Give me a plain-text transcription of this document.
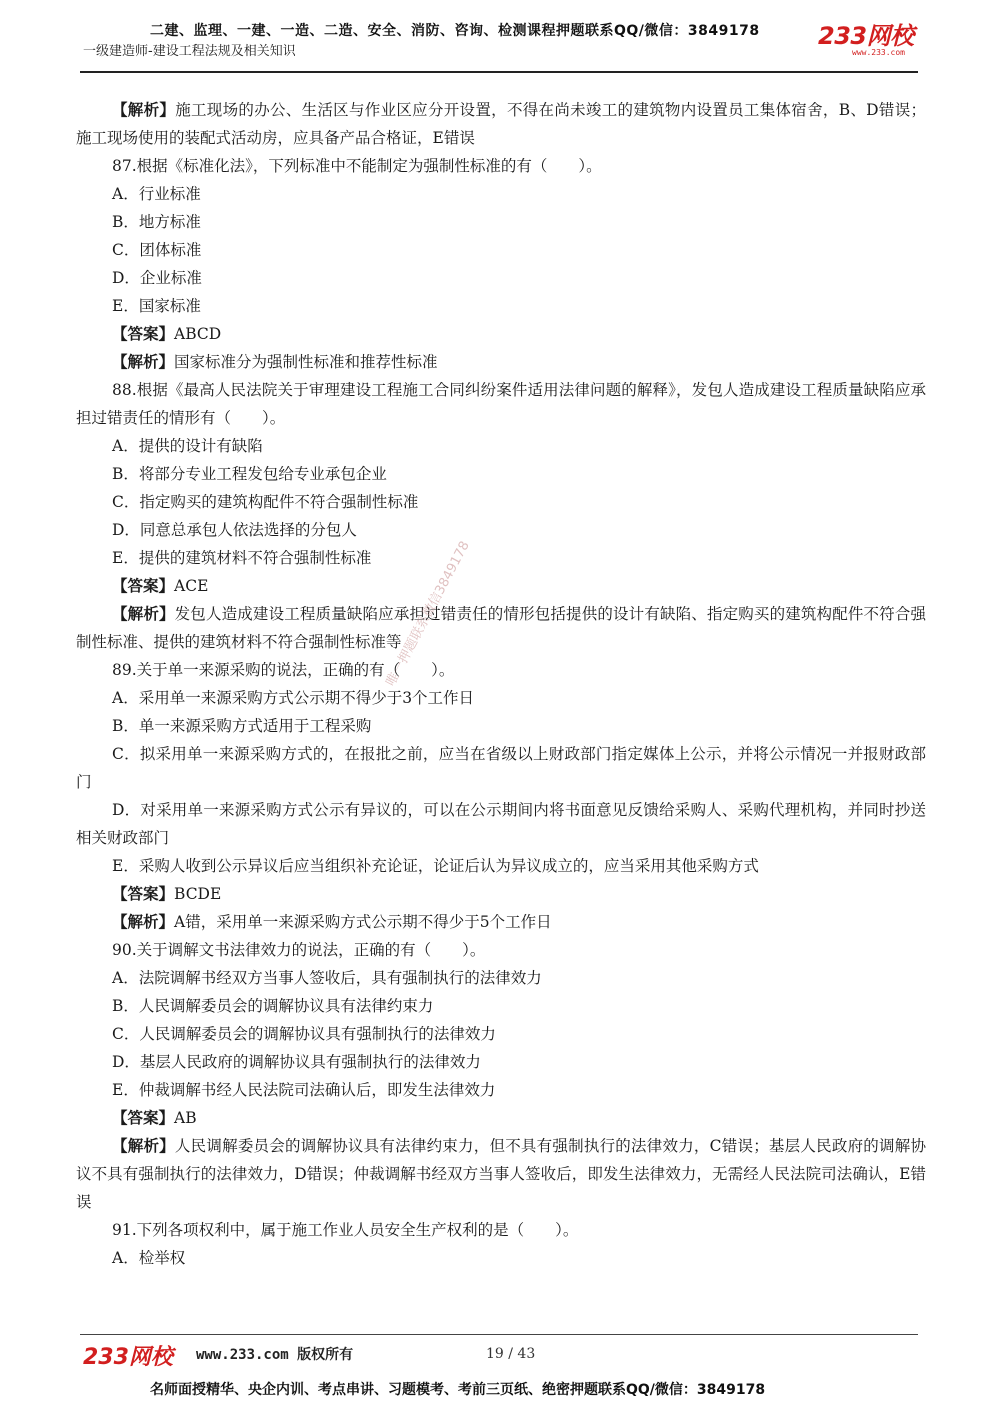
二建、监理、一建、一造、二造、安全、消防、咨询、检测课程押题联系QQ/微信：3849178
一级建造师-建设工程法规及相关知识
233网校
www.233.com
【解析】施工现场的办公、生活区与作业区应分开设置，不得在尚未竣工的建筑物内设置员工集体宿舍，B、D错误；施工现场使用的装配式活动房，应具备产品合格证，E错误
87.根据《标准化法》，下列标准中不能制定为强制性标准的有（　　）。
A．行业标准
B．地方标准
C．团体标准
D．企业标准
E．国家标准
【答案】ABCD
【解析】国家标准分为强制性标准和推荐性标准
88.根据《最高人民法院关于审理建设工程施工合同纠纷案件适用法律问题的解释》，发包人造成建设工程质量缺陷应承担过错责任的情形有（　　）。
A．提供的设计有缺陷
B．将部分专业工程发包给专业承包企业
C．指定购买的建筑构配件不符合强制性标准
D．同意总承包人依法选择的分包人
E．提供的建筑材料不符合强制性标准
【答案】ACE
【解析】发包人造成建设工程质量缺陷应承担过错责任的情形包括提供的设计有缺陷、指定购买的建筑构配件不符合强制性标准、提供的建筑材料不符合强制性标准等
89.关于单一来源采购的说法，正确的有（　　）。
A．采用单一来源采购方式公示期不得少于3个工作日
B．单一来源采购方式适用于工程采购
C．拟采用单一来源采购方式的，在报批之前，应当在省级以上财政部门指定媒体上公示，并将公示情况一并报财政部门
D．对采用单一来源采购方式公示有异议的，可以在公示期间内将书面意见反馈给采购人、采购代理机构，并同时抄送相关财政部门
E．采购人收到公示异议后应当组织补充论证，论证后认为异议成立的，应当采用其他采购方式
【答案】BCDE
【解析】A错，采用单一来源采购方式公示期不得少于5个工作日
90.关于调解文书法律效力的说法，正确的有（　　）。
A．法院调解书经双方当事人签收后，具有强制执行的法律效力
B．人民调解委员会的调解协议具有法律约束力
C．人民调解委员会的调解协议具有强制执行的法律效力
D．基层人民政府的调解协议具有强制执行的法律效力
E．仲裁调解书经人民法院司法确认后，即发生法律效力
【答案】AB
【解析】人民调解委员会的调解协议具有法律约束力，但不具有强制执行的法律效力，C错误；基层人民政府的调解协议不具有强制执行的法律效力，D错误；仲裁调解书经双方当事人签收后，即发生法律效力，无需经人民法院司法确认，E错误
91.下列各项权利中，属于施工作业人员安全生产权利的是（　　）。
A．检举权
唯一押题联系微信3849178
233网校 www.233.com 版权所有	19 / 43
名师面授精华、央企内训、考点串讲、习题模考、考前三页纸、绝密押题联系QQ/微信：3849178
